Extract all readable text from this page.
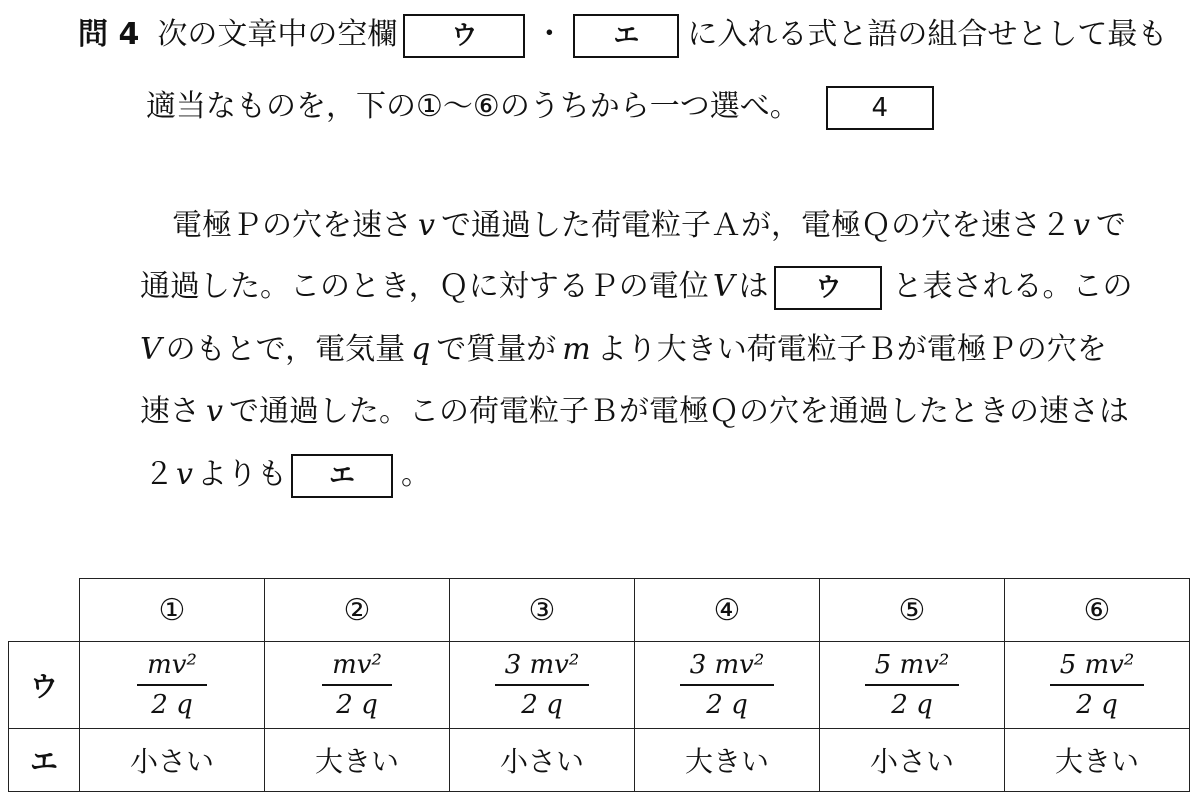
問 4 次の文章中の空欄 ウ ・ エ に入れる式と語の組合せとして最も
適当なものを，下の①～⑥のうちから一つ選べ。	4
電極Ｐの穴を速さ v で通過した荷電粒子Ａが，電極Ｑの穴を速さ２v で
通過した。このとき，Ｑに対するＰの電位 V は ウ と表される。この
V のもとで，電気量 q で質量が m より大きい荷電粒子Ｂが電極Ｐの穴を
速さ v で通過した。この荷電粒子Ｂが電極Ｑの穴を通過したときの速さは
２v よりも エ 。
	①	②	③	④	⑤	⑥
ウ	$\frac{\text{mv²}}{2 q}$	$\frac{\text{mv²}}{2 q}$	$\frac{\text{3 mv²}}{2 q}$	$\frac{\text{3 mv²}}{2 q}$	$\frac{\text{5 mv²}}{2 q}$	$\frac{\text{5 mv²}}{2 q}$

エ	小さい	大きい	小さい	大きい	小さい	大きい
